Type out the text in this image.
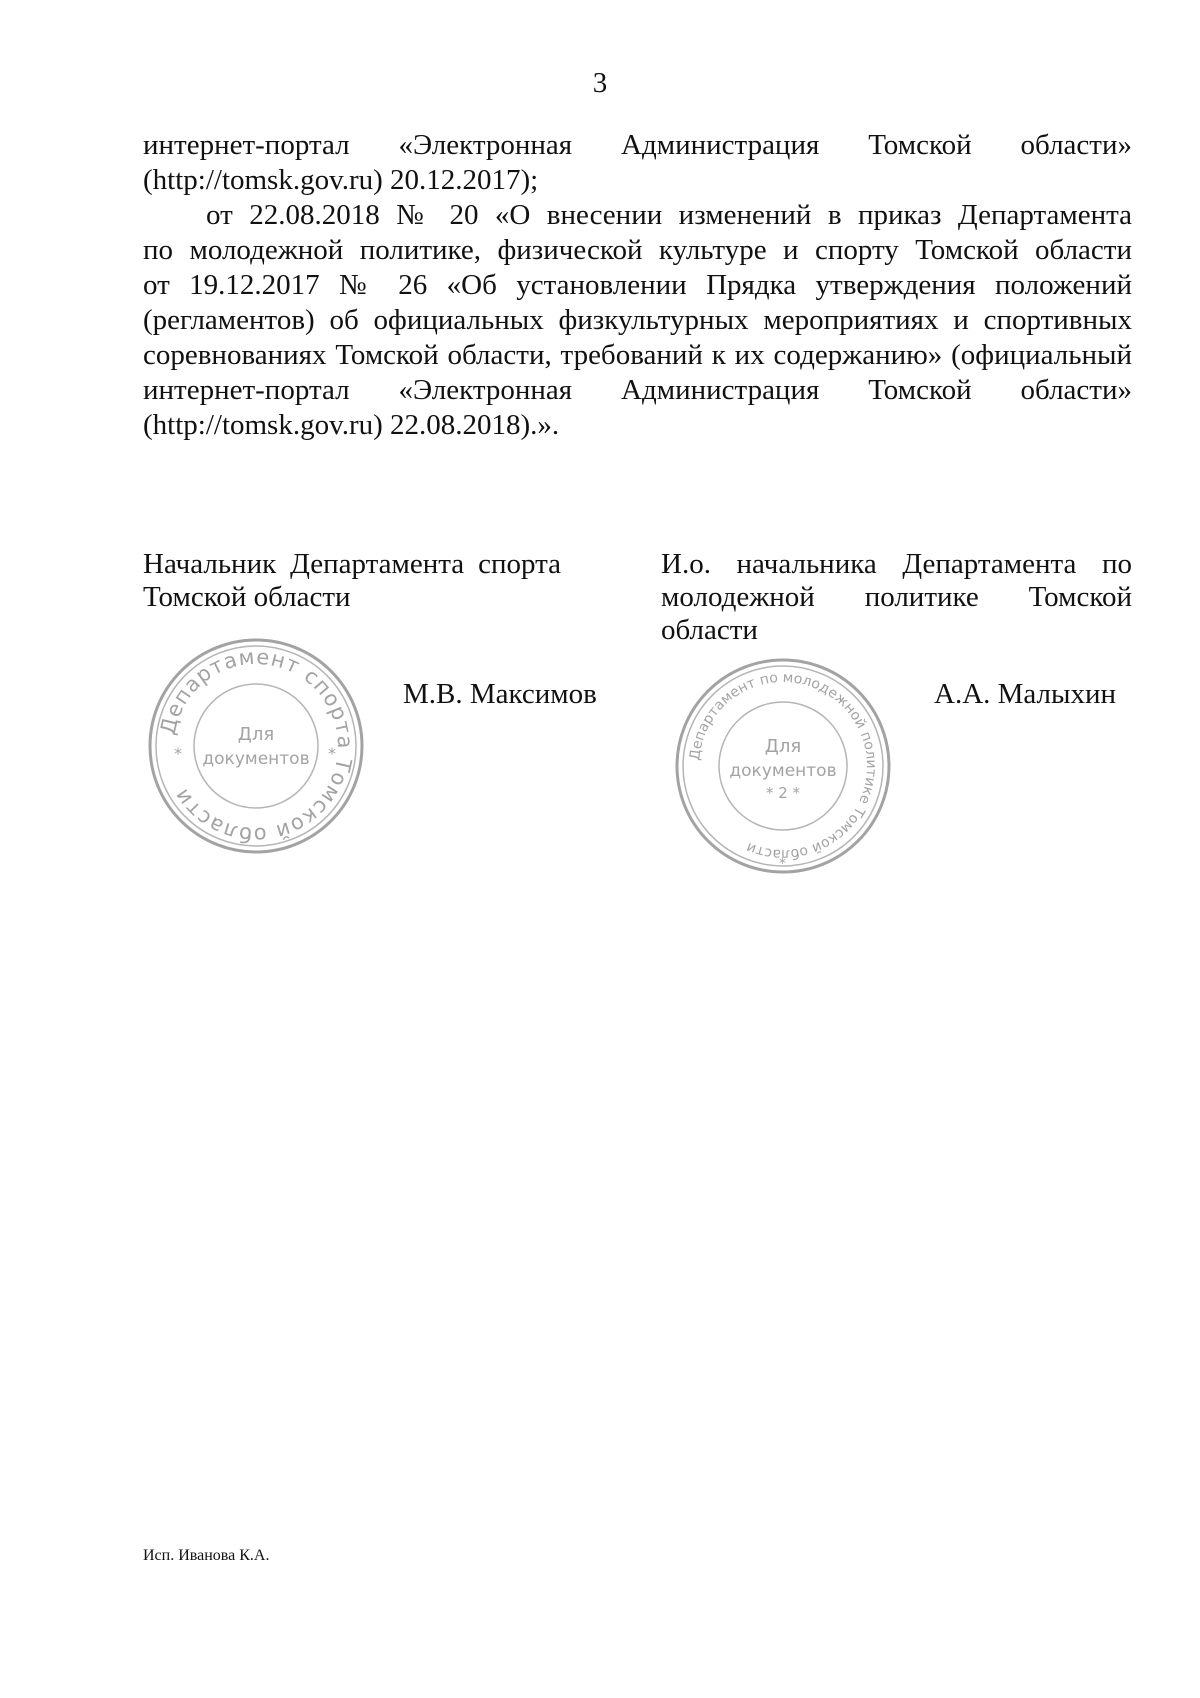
3

интернет-портал «Электронная Администрация Томской области»

(http://tomsk.gov.ru) 20.12.2017);

от 22.08.2018 № 20 «О внесении изменений в приказ Департамента

по молодежной политике, физической культуре и спорту Томской области

от 19.12.2017 № 26 «Об установлении Прядка утверждения положений

(регламентов) об официальных физкультурных мероприятиях и спортивных

соревнованиях Томской области, требований к их содержанию» (официальный

интернет-портал «Электронная Администрация Томской области»

(http://tomsk.gov.ru) 22.08.2018).».

Начальник Департамента спорта

Томской области

И.о. начальника Департамента по

молодежной политике Томской

области

Департамент спорта Томской области
Для
документов
*	*	Департамент по молодежной политике Томской области
Для
документов
* 2 *
*
М.В. Максимов	А.А. Малыхин
Исп. Иванова К.А.
